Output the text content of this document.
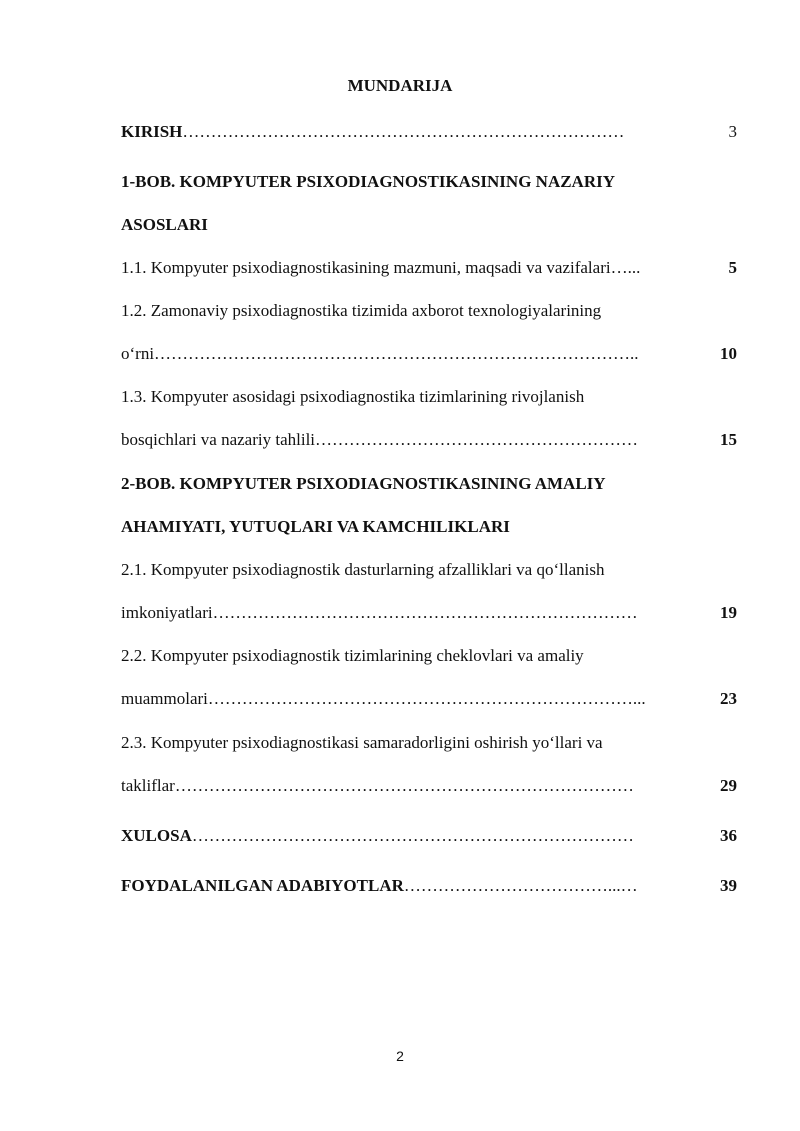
MUNDARIJA
KIRISH……………………………………………………………………	3
1-BOB. KOMPYUTER PSIXODIAGNOSTIKASINING NAZARIY
ASOSLARI
1.1. Kompyuter psixodiagnostikasining mazmuni, maqsadi va vazifalari…...	5
1.2. Zamonaviy psixodiagnostika tizimida axborot texnologiyalarining
o‘rni…………………………………………………………………………..	10
1.3. Kompyuter asosidagi psixodiagnostika tizimlarining rivojlanish
bosqichlari va nazariy tahlili…………………………………………………	15
2-BOB. KOMPYUTER PSIXODIAGNOSTIKASINING AMALIY
AHAMIYATI, YUTUQLARI VA KAMCHILIKLARI
2.1. Kompyuter psixodiagnostik dasturlarning afzalliklari va qo‘llanish
imkoniyatlari…………………………………………………………………	19
2.2. Kompyuter psixodiagnostik tizimlarining cheklovlari va amaliy
muammolari…………………………………………………………………...	23
2.3. Kompyuter psixodiagnostikasi samaradorligini oshirish yo‘llari va
takliflar………………………………………………………………………	29
XULOSA……………………………………………………………………	36
FOYDALANILGAN ADABIYOTLAR………………………………...…	39
2
